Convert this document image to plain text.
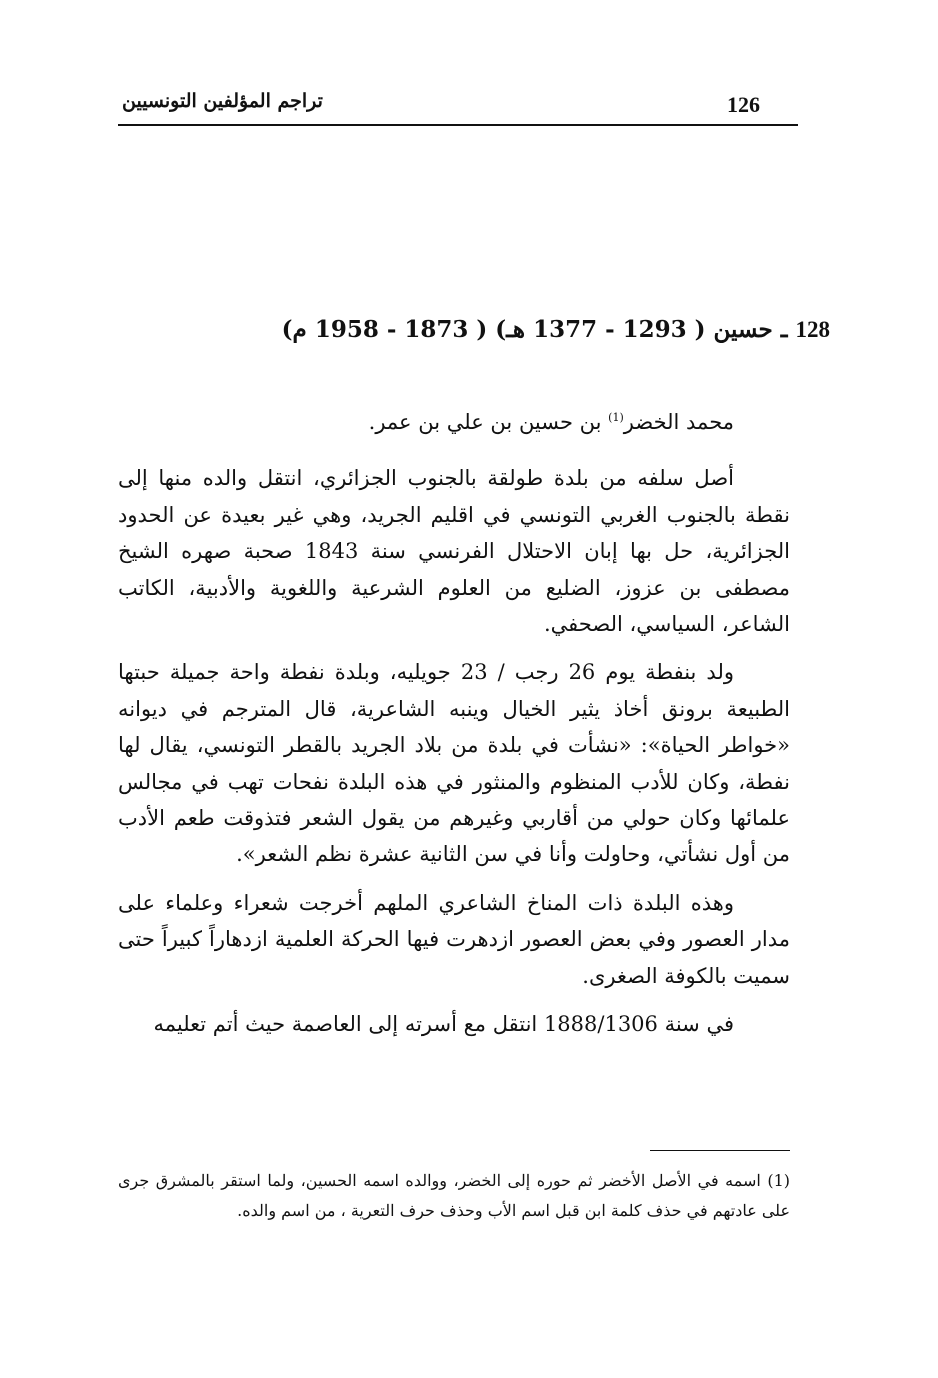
126
تراجم المؤلفين التونسيين
128 ـ حسين ( 1293 - 1377 هـ) ( 1873 - 1958 م)

محمد الخضر$^{(1)}$ بن حسين بن علي بن عمر.

أصل سلفه من بلدة طولقة بالجنوب الجزائري، انتقل والده منها إلى نقطة بالجنوب الغربي التونسي في اقليم الجريد، وهي غير بعيدة عن الحدود الجزائرية، حل بها إبان الاحتلال الفرنسي سنة 1843 صحبة صهره الشيخ مصطفى بن عزوز، الضليع من العلوم الشرعية واللغوية والأدبية، الكاتب الشاعر، السياسي، الصحفي.

ولد بنفطة يوم 26 رجب / 23 جويليه، وبلدة نفطة واحة جميلة حبتها الطبيعة برونق أخاذ يثير الخيال وينبه الشاعرية، قال المترجم في ديوانه «خواطر الحياة»: «نشأت في بلدة من بلاد الجريد بالقطر التونسي، يقال لها نفطة، وكان للأدب المنظوم والمنثور في هذه البلدة نفحات تهب في مجالس علمائها وكان حولي من أقاربي وغيرهم من يقول الشعر فتذوقت طعم الأدب من أول نشأتي، وحاولت وأنا في سن الثانية عشرة نظم الشعر».

وهذه البلدة ذات المناخ الشاعري الملهم أخرجت شعراء وعلماء على مدار العصور وفي بعض العصور ازدهرت فيها الحركة العلمية ازدهاراً كبيراً حتى سميت بالكوفة الصغرى.

في سنة 1888/1306 انتقل مع أسرته إلى العاصمة حيث أتم تعليمه

(1) اسمه في الأصل الأخضر ثم حوره إلى الخضر، ووالده اسمه الحسين، ولما استقر بالمشرق جرى على عادتهم في حذف كلمة ابن قبل اسم الأب وحذف حرف التعرية ، من اسم والده.
